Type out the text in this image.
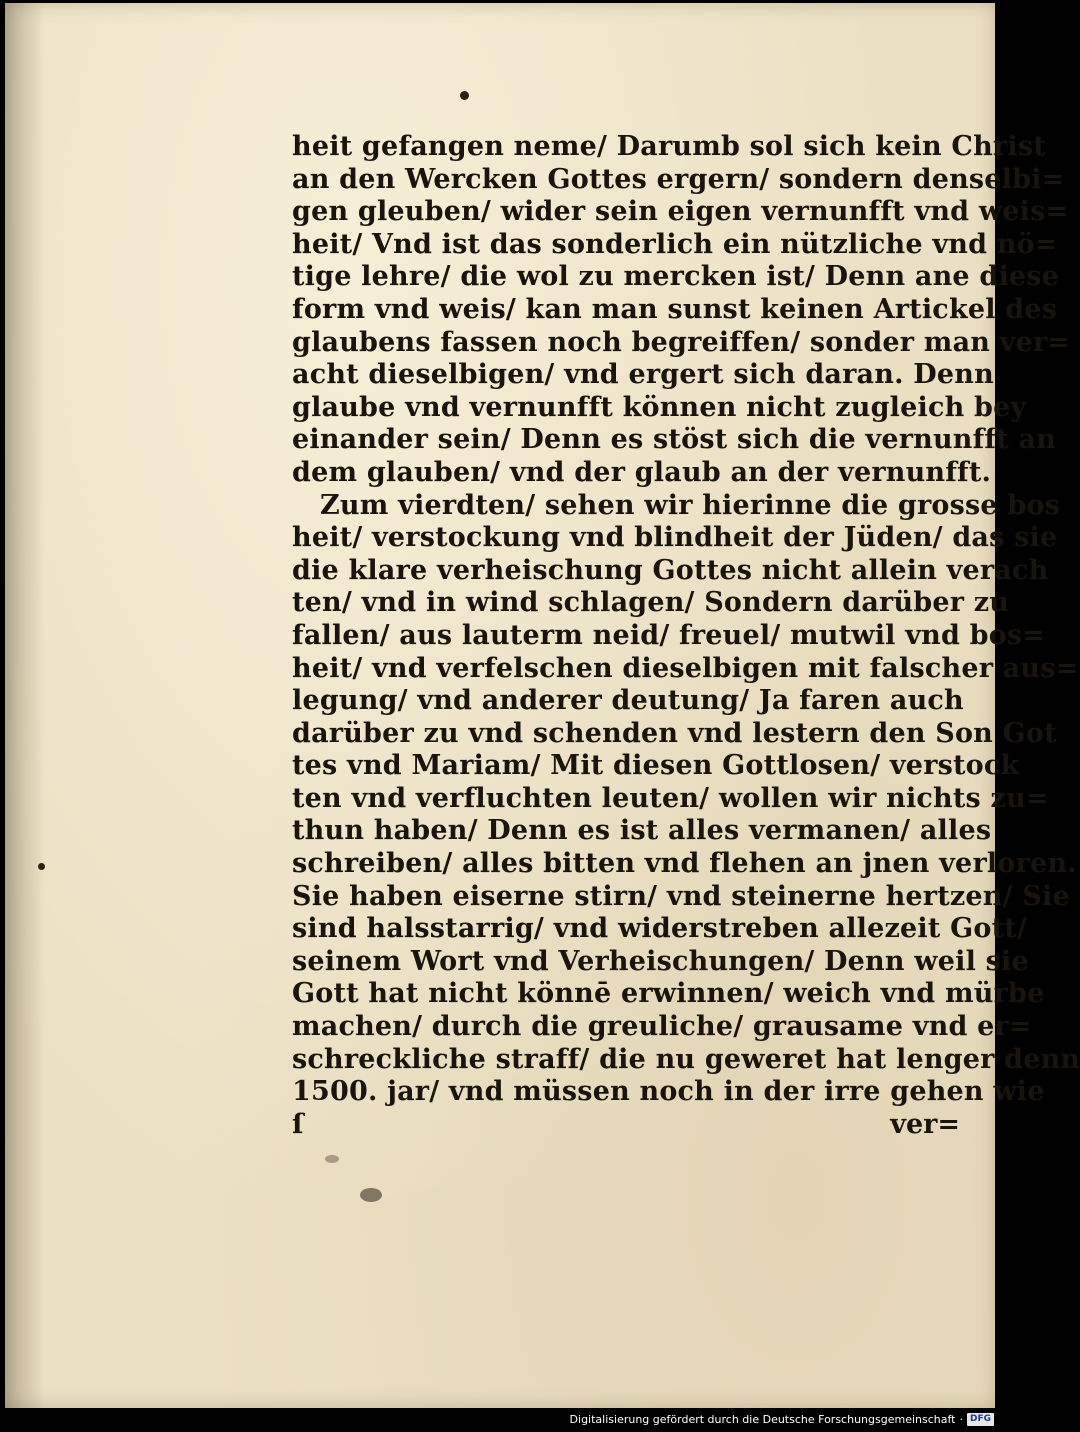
heit gefangen neme/ Darumb sol sich kein Christ
an den Wercken Gottes ergern/ sondern denselbi=
gen gleuben/ wider sein eigen vernunfft vnd weis=
heit/ Vnd ist das sonderlich ein nützliche vnd nö=
tige lehre/ die wol zu mercken ist/ Denn ane diese
form vnd weis/ kan man sunst keinen Artickel des
glaubens fassen noch begreiffen/ sonder man ver=
acht dieselbigen/ vnd ergert sich daran. Denn
glaube vnd vernunfft können nicht zugleich bey
einander sein/ Denn es stöst sich die vernunfft an
dem glauben/ vnd der glaub an der vernunfft.
Zum vierdten/ sehen wir hierinne die grosse bos
heit/ verstockung vnd blindheit der Jüden/ das sie
die klare verheischung Gottes nicht allein verach
ten/ vnd in wind schlagen/ Sondern darüber zu
fallen/ aus lauterm neid/ freuel/ mutwil vnd bos=
heit/ vnd verfelschen dieselbigen mit falscher aus=
legung/ vnd anderer deutung/ Ja faren auch
darüber zu vnd schenden vnd lestern den Son Got
tes vnd Mariam/ Mit diesen Gottlosen/ verstock
ten vnd verfluchten leuten/ wollen wir nichts zu=
thun haben/ Denn es ist alles vermanen/ alles
schreiben/ alles bitten vnd flehen an jnen verloren.
Sie haben eiserne stirn/ vnd steinerne hertzen/ Sie
sind halsstarrig/ vnd widerstreben allezeit Gott/
seinem Wort vnd Verheischungen/ Denn weil sie
Gott hat nicht könnē erwinnen/ weich vnd mürbe
machen/ durch die greuliche/ grausame vnd er=
schreckliche straff/ die nu geweret hat lenger denn
1500. jar/ vnd müssen noch in der irre gehen wie
ſ	ver=
Digitalisierung gefördert durch die Deutsche Forschungsgemeinschaft · DFG
